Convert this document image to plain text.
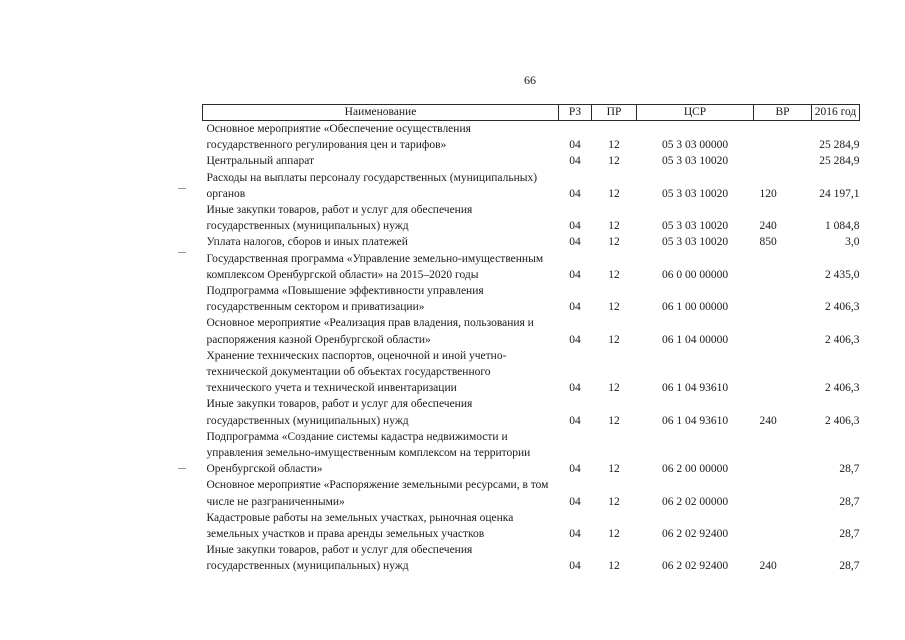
66
Наименование	РЗ	ПР	ЦСР	ВР	2016 год
Основное мероприятие «Обеспечение осуществления государственного регулирования цен и тарифов»	04	12	05 3 03 00000		25 284,9
Центральный аппарат	04	12	05 3 03 10020		25 284,9
Расходы на выплаты персоналу государственных (муниципальных) органов	04	12	05 3 03 10020	120	24 197,1
Иные закупки товаров, работ и услуг для обеспечения государственных (муниципальных) нужд	04	12	05 3 03 10020	240	1 084,8
Уплата налогов, сборов и иных платежей	04	12	05 3 03 10020	850	3,0
Государственная программа «Управление земельно-имущественным комплексом Оренбургской области» на 2015–2020 годы	04	12	06 0 00 00000		2 435,0
Подпрограмма «Повышение эффективности управления государственным сектором и приватизации»	04	12	06 1 00 00000		2 406,3
Основное мероприятие «Реализация прав владения, пользования и распоряжения казной Оренбургской области»	04	12	06 1 04 00000		2 406,3
Хранение технических паспортов, оценочной и иной учетно-технической документации об объектах государственного технического учета и технической инвентаризации	04	12	06 1 04 93610		2 406,3
Иные закупки товаров, работ и услуг для обеспечения государственных (муниципальных) нужд	04	12	06 1 04 93610	240	2 406,3
Подпрограмма «Создание системы кадастра недвижимости и управления земельно-имущественным комплексом на территории Оренбургской области»	04	12	06 2 00 00000		28,7
Основное мероприятие «Распоряжение земельными ресурсами, в том числе не разграниченными»	04	12	06 2 02 00000		28,7
Кадастровые работы на земельных участках, рыночная оценка земельных участков и права аренды земельных участков	04	12	06 2 02 92400		28,7
Иные закупки товаров, работ и услуг для обеспечения государственных (муниципальных) нужд	04	12	06 2 02 92400	240	28,7
